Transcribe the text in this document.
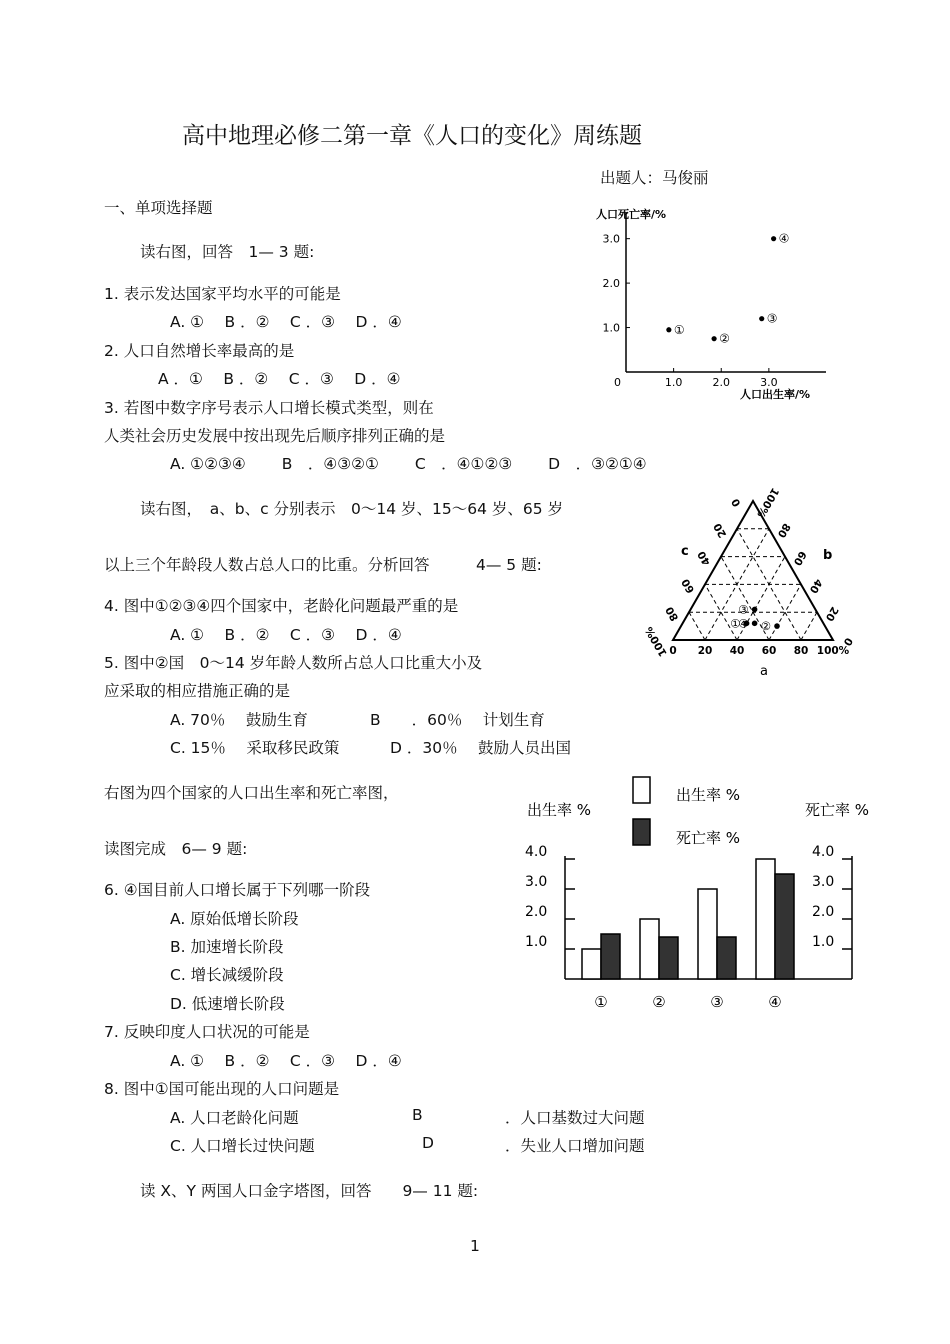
高中地理必修二第一章《人口的变化》周练题
出题人：马俊丽
一、单项选择题
读右图，回答　1— 3 题:
1. 表示发达国家平均水平的可能是
A. ①　 B ．②　 C ．③　 D ．④
2. 人口自然增长率最高的是
A ．①　 B ．②　 C ．③　 D ．④
3. 若图中数字序号表示人口增长模式类型，则在
人类社会历史发展中按出现先后顺序排列正确的是
A. ①②③④　　 B　．④③②①　　 C　．④①②③　　 D　．③②①④
读右图，　a、b、c 分别表示　0～14 岁、15～64 岁、65 岁
以上三个年龄段人数占总人口的比重。分析回答　　　4— 5 题:
4. 图中①②③④四个国家中，老龄化问题最严重的是
A. ①　 B ．②　 C ．③　 D ．④
5. 图中②国　0～14 岁年龄人数所占总人口比重大小及
应采取的相应措施正确的是
A. 70％　 鼓励生育	B　　．60％　 计划生育
C. 15％　 采取移民政策	D ．30％　 鼓励人员出国
右图为四个国家的人口出生率和死亡率图，
读图完成　6— 9 题:
6. ④国目前人口增长属于下列哪一阶段
A. 原始低增长阶段
B. 加速增长阶段
C. 增长减缓阶段
D. 低速增长阶段
7. 反映印度人口状况的可能是
A. ①　 B ．②　 C ．③　 D ．④
8. 图中①国可能出现的人口问题是
A. 人口老龄化问题	B	．人口基数过大问题
C. 人口增长过快问题	D	．失业人口增加问题
读 X、Y 两国人口金字塔图，回答　　9— 11 题:
1
人口死亡率/%
人口出生率/%
0	1.0	2.0	3.0
1.0
2.0
3.0
①
②
③
④
0 20 40 60 80 100%
100%
80
60
40
20
0
0
20
40
60
80
100%
① ②
③
④
a
b
c
出生率 %	死亡率 %
出生率 %
死亡率 %
①	②	③	④
1.0	1.0
2.0	2.0
3.0	3.0
4.0	4.0
